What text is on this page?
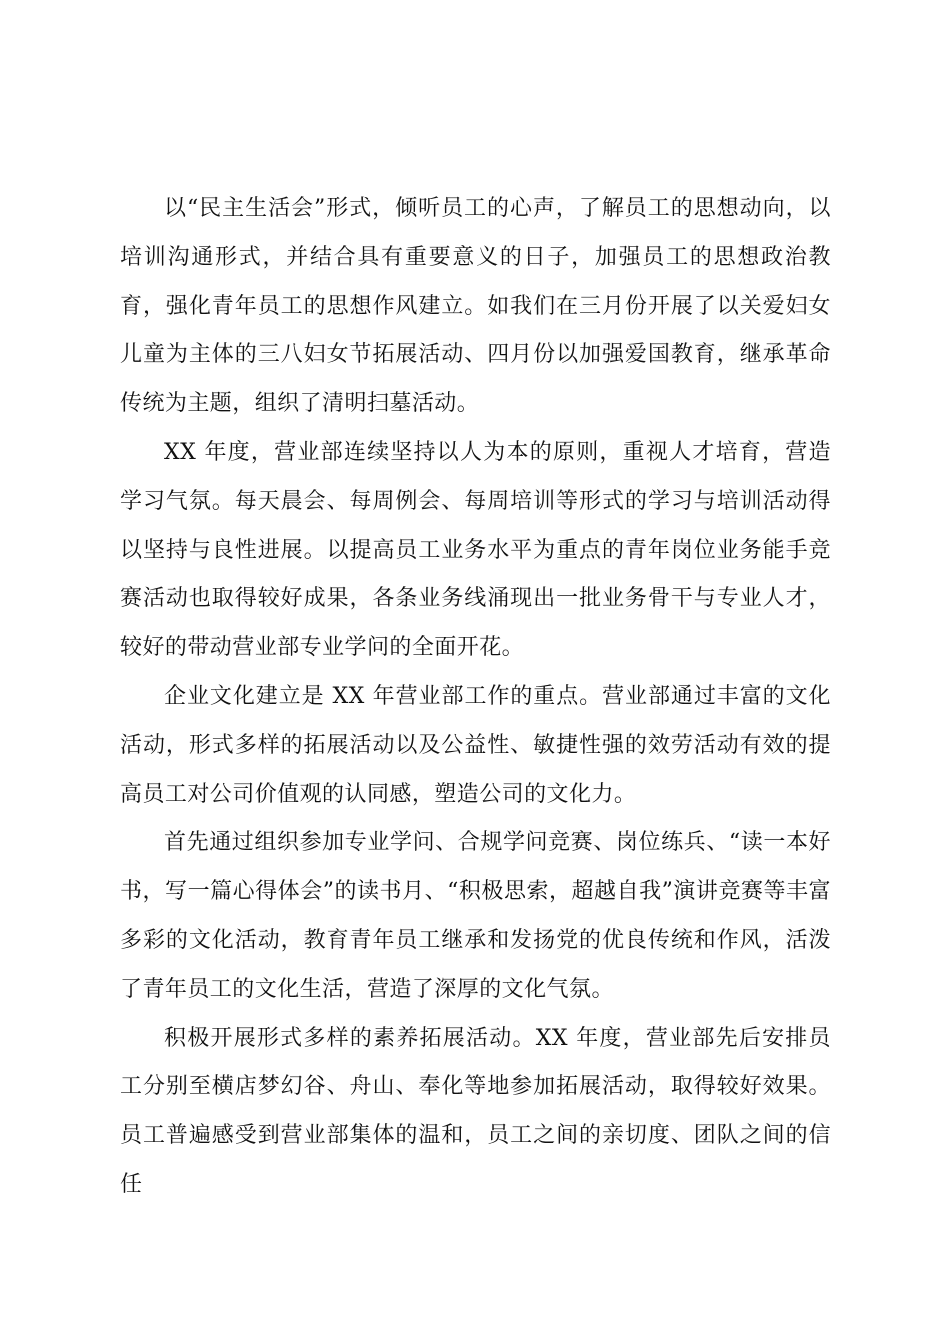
以“民主生活会”形式，倾听员工的心声，了解员工的思想动向，以培训沟通形式，并结合具有重要意义的日子，加强员工的思想政治教育，强化青年员工的思想作风建立。如我们在三月份开展了以关爱妇女儿童为主体的三八妇女节拓展活动、四月份以加强爱国教育，继承革命传统为主题，组织了清明扫墓活动。

XX 年度，营业部连续坚持以人为本的原则，重视人才培育，营造学习气氛。每天晨会、每周例会、每周培训等形式的学习与培训活动得以坚持与良性进展。以提高员工业务水平为重点的青年岗位业务能手竞赛活动也取得较好成果，各条业务线涌现出一批业务骨干与专业人才，较好的带动营业部专业学问的全面开花。

企业文化建立是 XX 年营业部工作的重点。营业部通过丰富的文化活动，形式多样的拓展活动以及公益性、敏捷性强的效劳活动有效的提高员工对公司价值观的认同感，塑造公司的文化力。

首先通过组织参加专业学问、合规学问竞赛、岗位练兵、“读一本好书，写一篇心得体会”的读书月、“积极思索，超越自我”演讲竞赛等丰富多彩的文化活动，教育青年员工继承和发扬党的优良传统和作风，活泼了青年员工的文化生活，营造了深厚的文化气氛。

积极开展形式多样的素养拓展活动。XX 年度，营业部先后安排员工分别至横店梦幻谷、舟山、奉化等地参加拓展活动，取得较好效果。员工普遍感受到营业部集体的温和，员工之间的亲切度、团队之间的信任
